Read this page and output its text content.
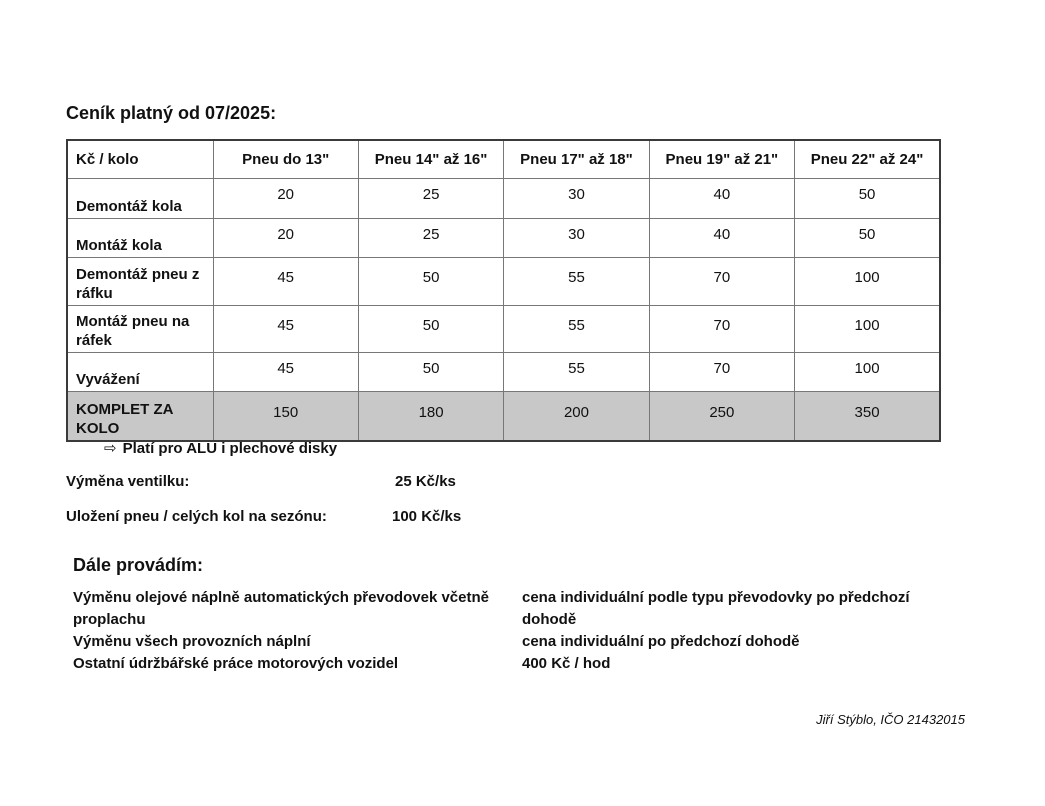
Ceník platný od 07/2025:
Kč / kolo	Pneu do 13"	Pneu 14" až 16"	Pneu 17" až 18"	Pneu 19" až 21"	Pneu 22" až 24"
Demontáž kola	20	25	30	40	50
Montáž kola	20	25	30	40	50
Demontáž pneu z ráfku	45	50	55	70	100
Montáž pneu na ráfek	45	50	55	70	100
Vyvážení	45	50	55	70	100
KOMPLET ZA KOLO	150	180	200	250	350
⇨ Platí pro ALU i plechové disky
Výměna ventilku:	25 Kč/ks
Uložení pneu / celých kol na sezónu:	100 Kč/ks
Dále provádím:
Výměnu olejové náplně automatických převodovek včetně proplachu
cena individuální podle typu převodovky po předchozí dohodě
Výměnu všech provozních náplní	cena individuální po předchozí dohodě
Ostatní údržbářské práce motorových vozidel	400 Kč / hod
Jiří Stýblo, IČO 21432015
